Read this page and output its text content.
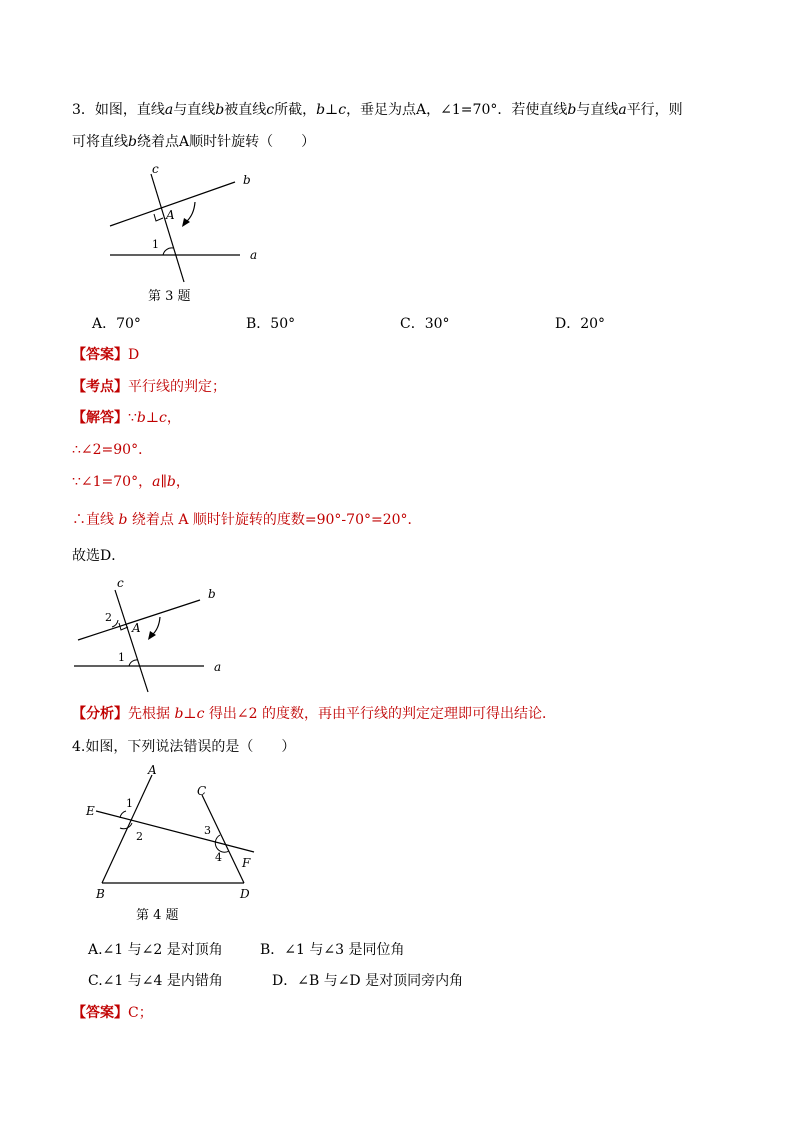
3．如图，直线a与直线b被直线c所截，b⊥c，垂足为点A，∠1=70°．若使直线b与直线a平行，则
可将直线b绕着点A顺时针旋转（　　）
c
b
a
A
1
第 3 题
A．70°	B．50°	C．30°	D．20°
【答案】D
【考点】平行线的判定；
【解答】∵b⊥c，
∴∠2=90°．
∵∠1=70°，a∥b，
∴直线 b 绕着点 A 顺时针旋转的度数=90°-70°=20°．
故选D．
c
b
a
A
2
1
【分析】先根据 b⊥c 得出∠2 的度数，再由平行线的判定定理即可得出结论．
4.如图，下列说法错误的是（　　）
A
C
E
F
B	D
1
2	3
4
第 4 题
A.∠1 与∠2 是对顶角	B．∠1 与∠3 是同位角
C.∠1 与∠4 是内错角	D．∠B 与∠D 是对顶同旁内角
【答案】C；
